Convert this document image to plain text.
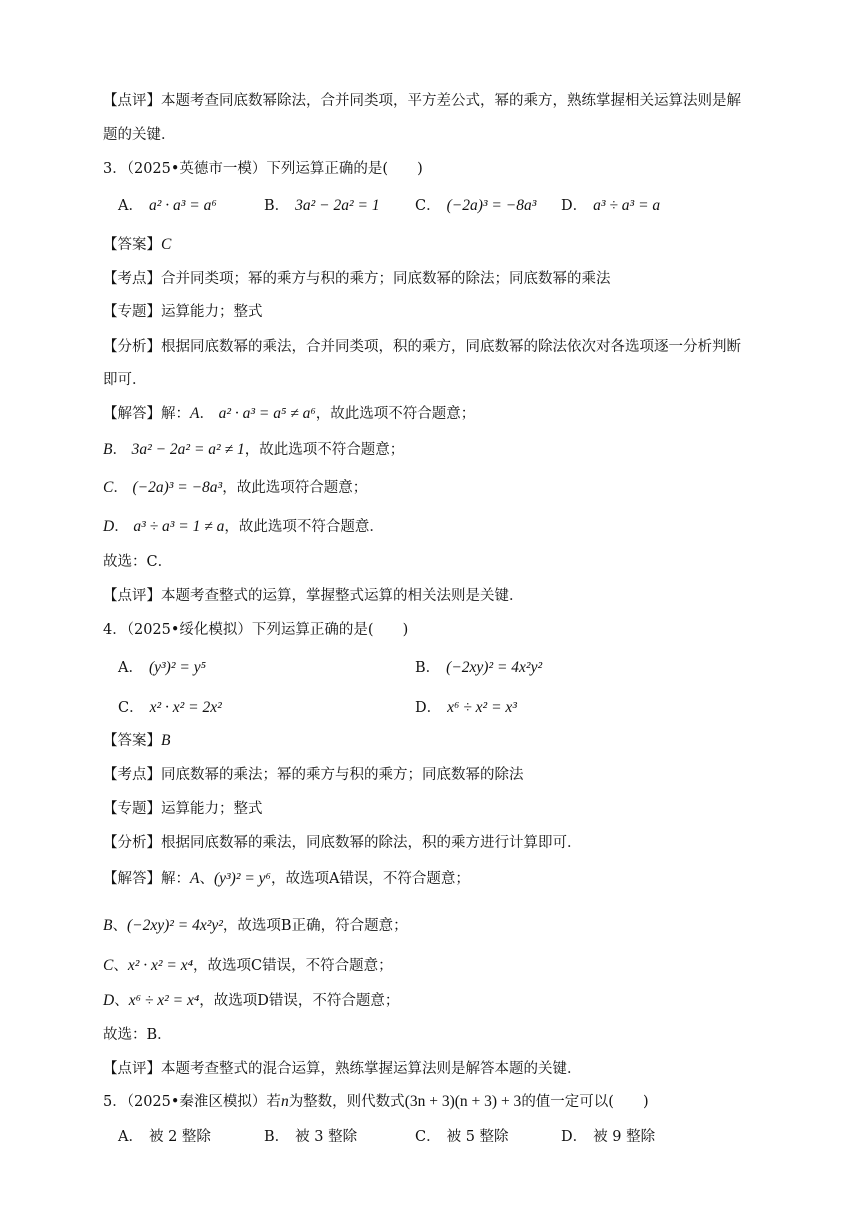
【点评】本题考查同底数幂除法，合并同类项，平方差公式，幂的乘方，熟练掌握相关运算法则是解
题的关键．
3．（2025•英德市一模）下列运算正确的是(　　)
A． a² · a³ = a⁶	B． 3a² − 2a² = 1 C． (−2a)³ = −8a³ D． a³ ÷ a³ = a
【答案】C
【考点】合并同类项；幂的乘方与积的乘方；同底数幂的除法；同底数幂的乘法
【专题】运算能力；整式
【分析】根据同底数幂的乘法，合并同类项，积的乘方，同底数幂的除法依次对各选项逐一分析判断
即可．
【解答】解：A． a² · a³ = a⁵ ≠ a⁶，故此选项不符合题意；
B． 3a² − 2a² = a² ≠ 1，故此选项不符合题意；
C． (−2a)³ = −8a³，故此选项符合题意；
D． a³ ÷ a³ = 1 ≠ a，故此选项不符合题意．
故选：C．
【点评】本题考查整式的运算，掌握整式运算的相关法则是关键．
4．（2025•绥化模拟）下列运算正确的是(　　)
A． (y³)² = y⁵	B． (−2xy)² = 4x²y²
C． x² · x² = 2x²	D． x⁶ ÷ x² = x³
【答案】B
【考点】同底数幂的乘法；幂的乘方与积的乘方；同底数幂的除法
【专题】运算能力；整式
【分析】根据同底数幂的乘法，同底数幂的除法，积的乘方进行计算即可．
【解答】解：A、(y³)² = y⁶，故选项A错误，不符合题意；
B、(−2xy)² = 4x²y²，故选项B正确，符合题意；
C、x² · x² = x⁴，故选项C错误，不符合题意；
D、x⁶ ÷ x² = x⁴，故选项D错误，不符合题意；
故选：B．
【点评】本题考查整式的混合运算，熟练掌握运算法则是解答本题的关键．
5．（2025•秦淮区模拟）若n为整数，则代数式(3n + 3)(n + 3) + 3的值一定可以(　　)
A． 被 2 整除	B． 被 3 整除	C． 被 5 整除	D． 被 9 整除
